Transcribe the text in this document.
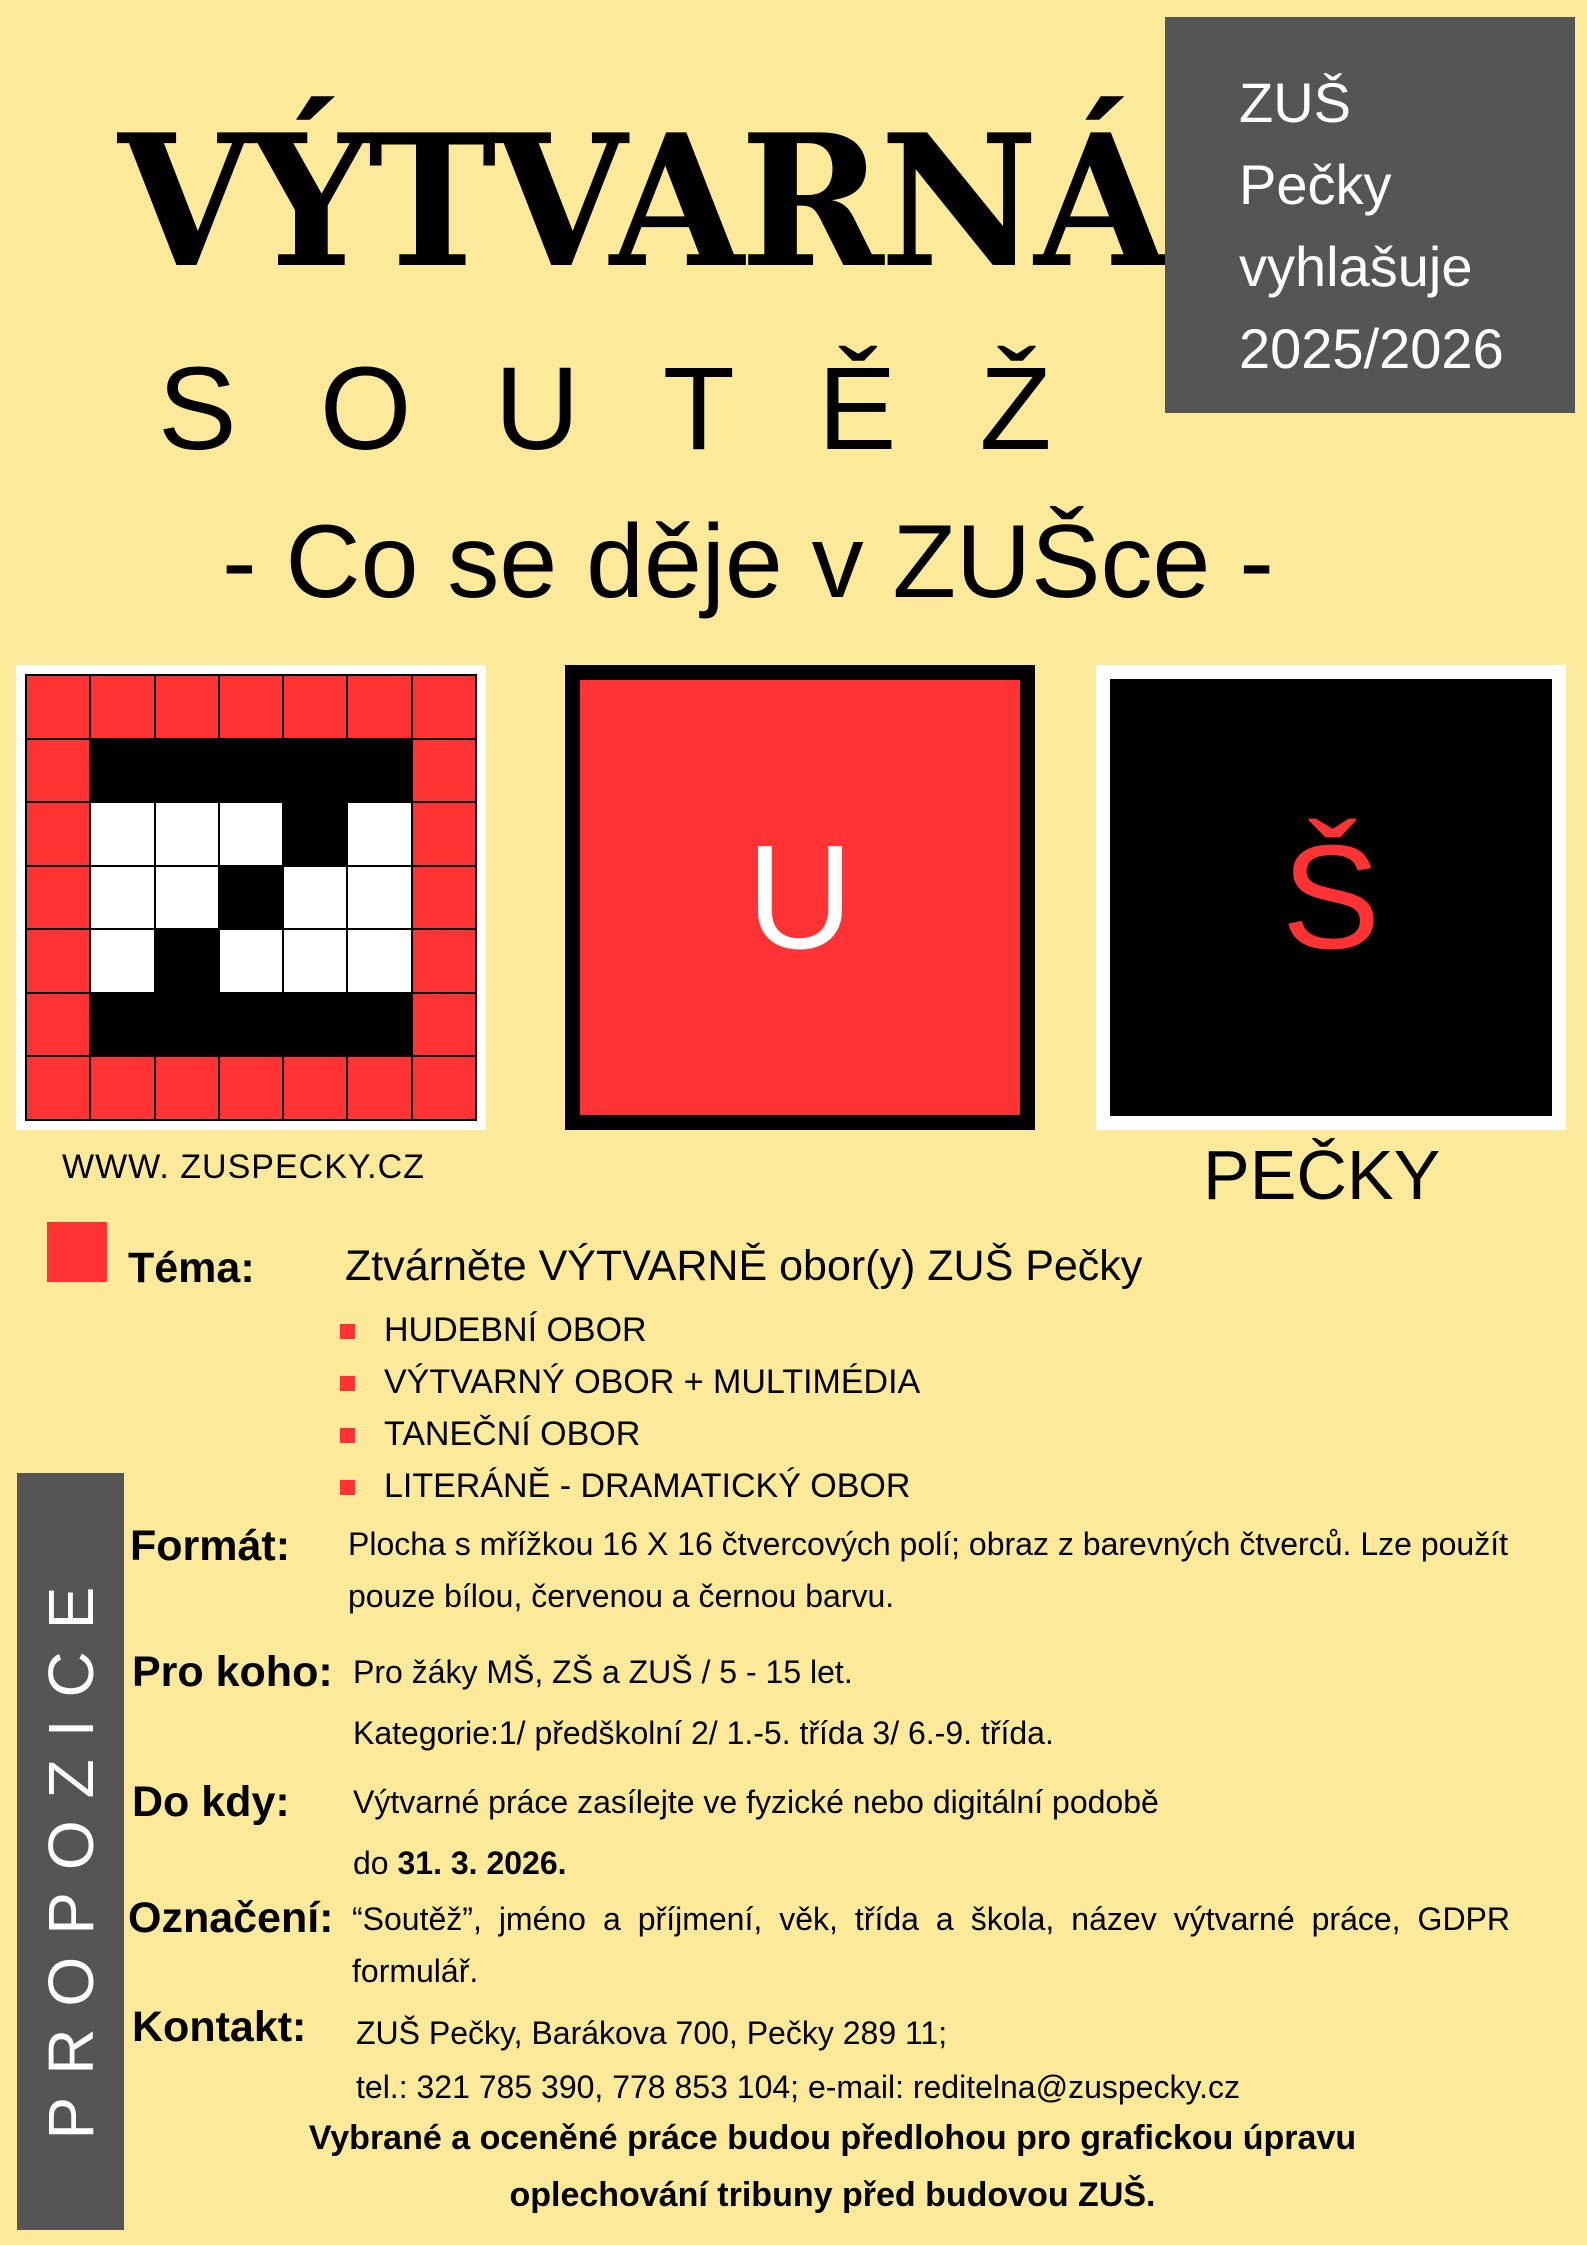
VÝTVARNÁ
SOUTĚŽ
- Co se děje v ZUŠce -
ZUŠ
Pečky
vyhlašuje
2025/2026
U	Š
WWW. ZUSPECKY.CZ	PEČKY
PROPOZICE
Téma: Ztvárněte VÝTVARNĚ obor(y) ZUŠ Pečky
HUDEBNÍ OBOR
VÝTVARNÝ OBOR + MULTIMÉDIA
TANEČNÍ OBOR
LITERÁNĚ - DRAMATICKÝ OBOR
Formát: Plocha s mřížkou 16 X 16 čtvercových polí; obraz z barevných čtverců. Lze použít pouze bílou, červenou a černou barvu.
Pro koho: Pro žáky MŠ, ZŠ a ZUŠ / 5 - 15 let.
Kategorie:1/ předškolní 2/ 1.-5. třída 3/ 6.-9. třída.
Do kdy: Výtvarné práce zasílejte ve fyzické nebo digitální podobě
do 31. 3. 2026.
Označení: “Soutěž”, jméno a příjmení, věk, třída a škola, název výtvarné práce, GDPR formulář.
Kontakt: ZUŠ Pečky, Barákova 700, Pečky 289 11;
tel.: 321 785 390, 778 853 104; e-mail: reditelna@zuspecky.cz
Vybrané a oceněné práce budou předlohou pro grafickou úpravu
oplechování tribuny před budovou ZUŠ.
